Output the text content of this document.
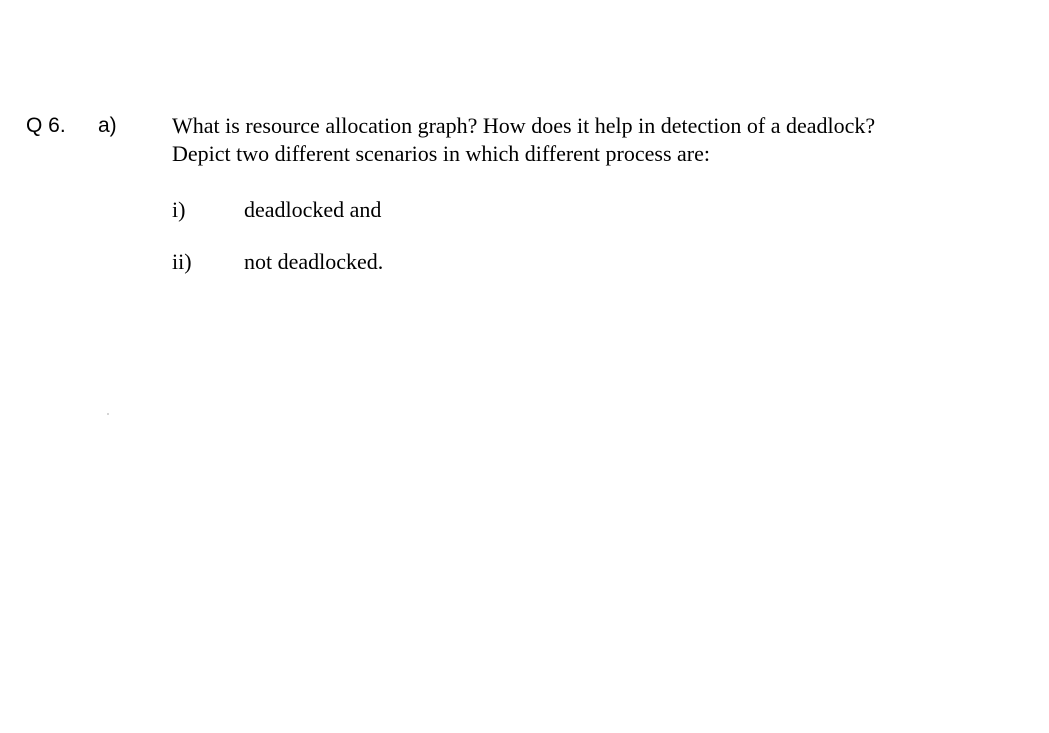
Q 6. a)	What is resource allocation graph? How does it help in detection of a deadlock?
Depict two different scenarios in which different process are:
i)	deadlocked and
ii) not deadlocked.
